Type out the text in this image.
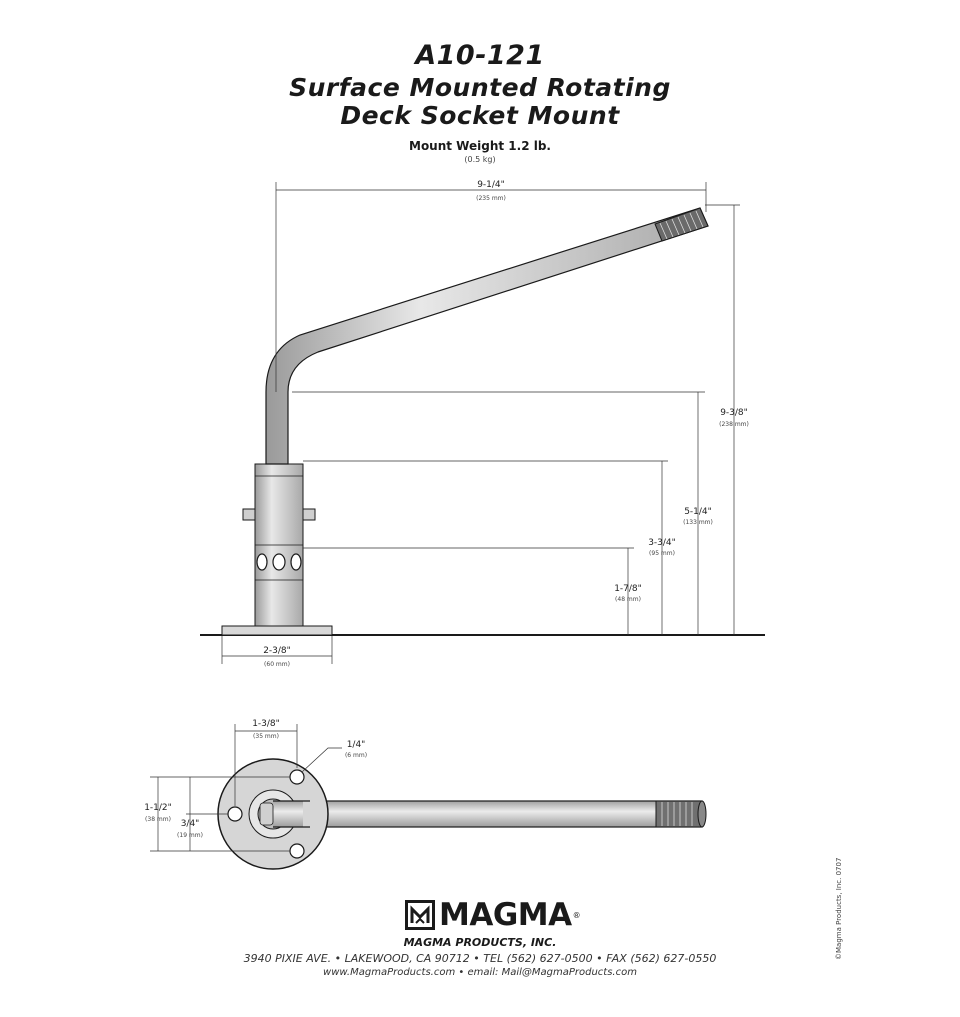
A10-121
Surface Mounted Rotating
Deck Socket Mount
Mount Weight 1.2 lb.
(0.5 kg)
9-1/4"
(235 mm)
9-3/8"
(238 mm)
5-1/4"
(133 mm)
3-3/4"
(95 mm)
1-7/8"
(48 mm)
2-3/8"
(60 mm)
1-3/8"
(35 mm)
1/4"
(6 mm)
1-1/2"
(38 mm) 3/4"
(19 mm)
MAGMA ®
MAGMA PRODUCTS, INC.
3940 PIXIE AVE. • LAKEWOOD, CA 90712 • TEL (562) 627-0500 • FAX (562) 627-0550
www.MagmaProducts.com • email: Mail@MagmaProducts.com
©Magma Products, Inc. 0707
